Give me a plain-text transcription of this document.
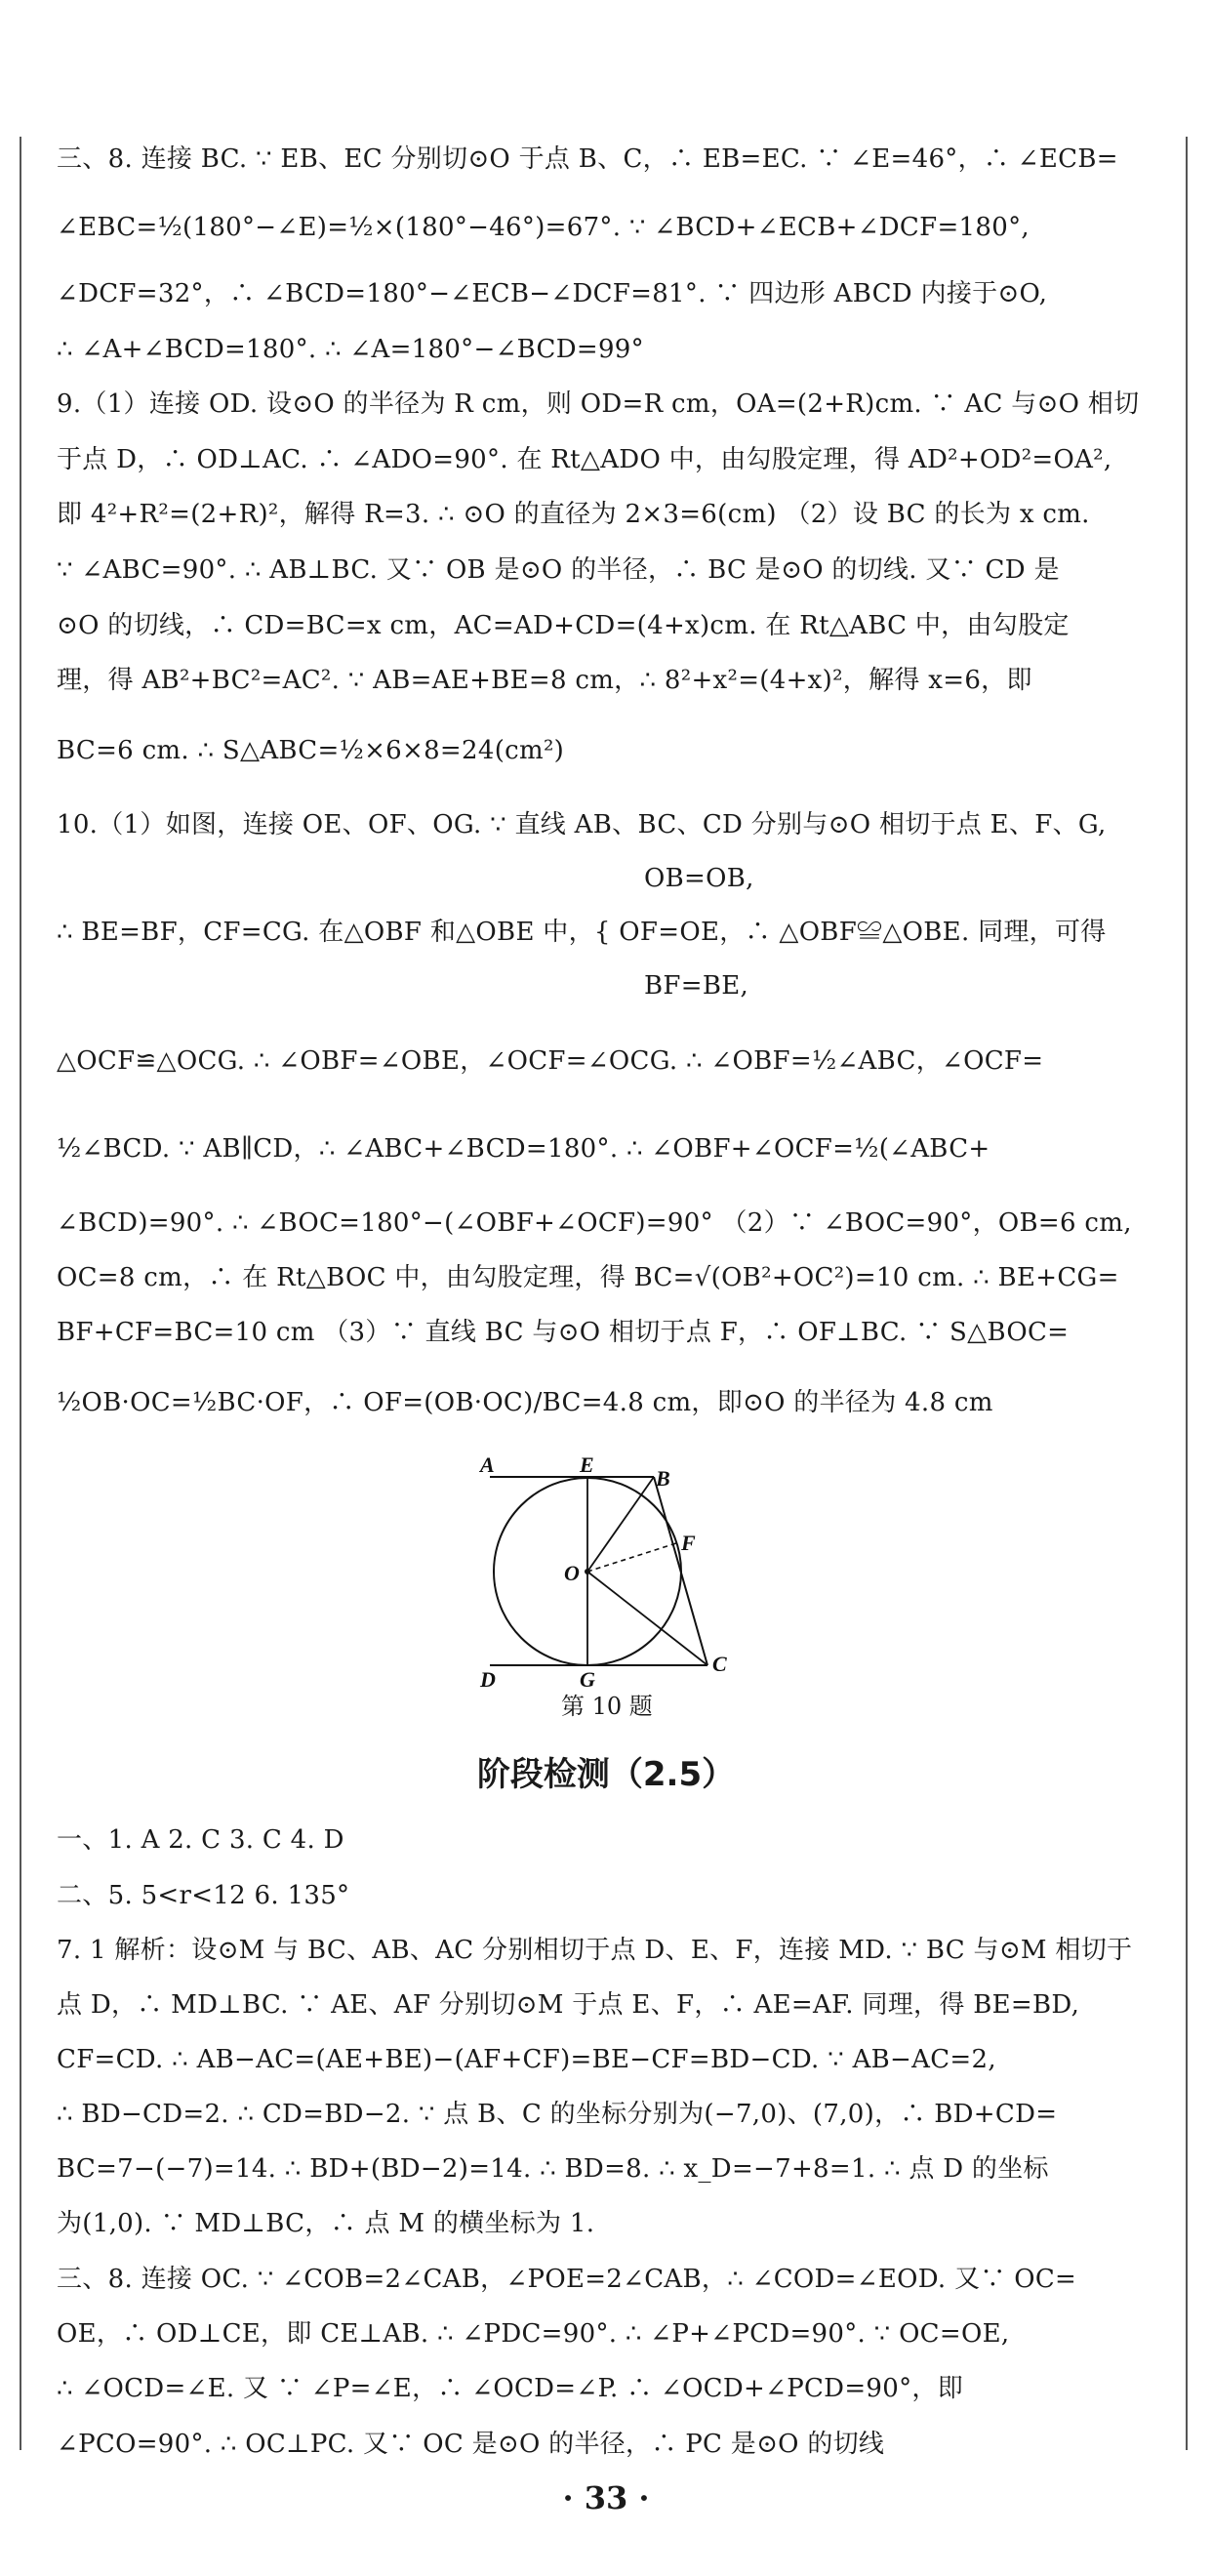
三、8. 连接 BC. ∵ EB、EC 分别切⊙O 于点 B、C，∴ EB=EC. ∵ ∠E=46°，∴ ∠ECB=
∠EBC=½(180°−∠E)=½×(180°−46°)=67°. ∵ ∠BCD+∠ECB+∠DCF=180°,
∠DCF=32°，∴ ∠BCD=180°−∠ECB−∠DCF=81°. ∵ 四边形 ABCD 内接于⊙O,
∴ ∠A+∠BCD=180°. ∴ ∠A=180°−∠BCD=99°
9.（1）连接 OD. 设⊙O 的半径为 R cm，则 OD=R cm，OA=(2+R)cm. ∵ AC 与⊙O 相切
于点 D，∴ OD⊥AC. ∴ ∠ADO=90°. 在 Rt△ADO 中，由勾股定理，得 AD²+OD²=OA²,
即 4²+R²=(2+R)²，解得 R=3. ∴ ⊙O 的直径为 2×3=6(cm) （2）设 BC 的长为 x cm.
∵ ∠ABC=90°. ∴ AB⊥BC. 又∵ OB 是⊙O 的半径，∴ BC 是⊙O 的切线. 又∵ CD 是
⊙O 的切线，∴ CD=BC=x cm，AC=AD+CD=(4+x)cm. 在 Rt△ABC 中，由勾股定
理，得 AB²+BC²=AC². ∵ AB=AE+BE=8 cm，∴ 8²+x²=(4+x)²，解得 x=6，即
BC=6 cm. ∴ S△ABC=½×6×8=24(cm²)
10.（1）如图，连接 OE、OF、OG. ∵ 直线 AB、BC、CD 分别与⊙O 相切于点 E、F、G,
OB=OB,
∴ BE=BF，CF=CG. 在△OBF 和△OBE 中，{ OF=OE，∴ △OBF≌△OBE. 同理，可得
BF=BE,
△OCF≌△OCG. ∴ ∠OBF=∠OBE，∠OCF=∠OCG. ∴ ∠OBF=½∠ABC，∠OCF=
½∠BCD. ∵ AB∥CD，∴ ∠ABC+∠BCD=180°. ∴ ∠OBF+∠OCF=½(∠ABC+
∠BCD)=90°. ∴ ∠BOC=180°−(∠OBF+∠OCF)=90° （2）∵ ∠BOC=90°，OB=6 cm,
OC=8 cm，∴ 在 Rt△BOC 中，由勾股定理，得 BC=√(OB²+OC²)=10 cm. ∴ BE+CG=
BF+CF=BC=10 cm （3）∵ 直线 BC 与⊙O 相切于点 F，∴ OF⊥BC. ∵ S△BOC=
½OB·OC=½BC·OF，∴ OF=(OB·OC)/BC=4.8 cm，即⊙O 的半径为 4.8 cm
A	E
B
F
O
D	G
C
第 10 题
阶段检测（2.5）
一、1. A 2. C 3. C 4. D
二、5. 5<r<12 6. 135°
7. 1 解析：设⊙M 与 BC、AB、AC 分别相切于点 D、E、F，连接 MD. ∵ BC 与⊙M 相切于
点 D，∴ MD⊥BC. ∵ AE、AF 分别切⊙M 于点 E、F，∴ AE=AF. 同理，得 BE=BD,
CF=CD. ∴ AB−AC=(AE+BE)−(AF+CF)=BE−CF=BD−CD. ∵ AB−AC=2,
∴ BD−CD=2. ∴ CD=BD−2. ∵ 点 B、C 的坐标分别为(−7,0)、(7,0)，∴ BD+CD=
BC=7−(−7)=14. ∴ BD+(BD−2)=14. ∴ BD=8. ∴ x_D=−7+8=1. ∴ 点 D 的坐标
为(1,0). ∵ MD⊥BC，∴ 点 M 的横坐标为 1.
三、8. 连接 OC. ∵ ∠COB=2∠CAB，∠POE=2∠CAB，∴ ∠COD=∠EOD. 又∵ OC=
OE，∴ OD⊥CE，即 CE⊥AB. ∴ ∠PDC=90°. ∴ ∠P+∠PCD=90°. ∵ OC=OE,
∴ ∠OCD=∠E. 又 ∵ ∠P=∠E，∴ ∠OCD=∠P. ∴ ∠OCD+∠PCD=90°，即
∠PCO=90°. ∴ OC⊥PC. 又∵ OC 是⊙O 的半径，∴ PC 是⊙O 的切线
· 33 ·
